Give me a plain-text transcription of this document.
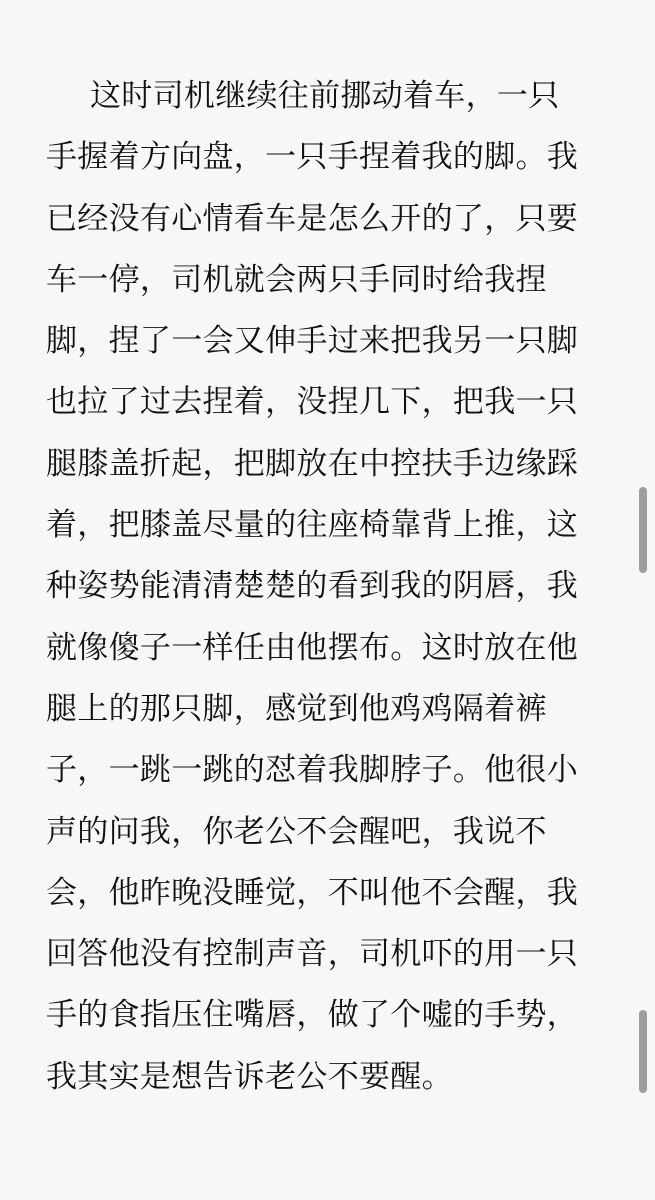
这时司机继续往前挪动着车，一只
手握着方向盘，一只手捏着我的脚。我
已经没有心情看车是怎么开的了，只要
车一停，司机就会两只手同时给我捏
脚，捏了一会又伸手过来把我另一只脚
也拉了过去捏着，没捏几下，把我一只
腿膝盖折起，把脚放在中控扶手边缘踩
着，把膝盖尽量的往座椅靠背上推，这
种姿势能清清楚楚的看到我的阴唇，我
就像傻子一样任由他摆布。这时放在他
腿上的那只脚，感觉到他鸡鸡隔着裤
子，一跳一跳的怼着我脚脖子。他很小
声的问我，你老公不会醒吧，我说不
会，他昨晚没睡觉，不叫他不会醒，我
回答他没有控制声音，司机吓的用一只
手的食指压住嘴唇，做了个嘘的手势，
我其实是想告诉老公不要醒。
